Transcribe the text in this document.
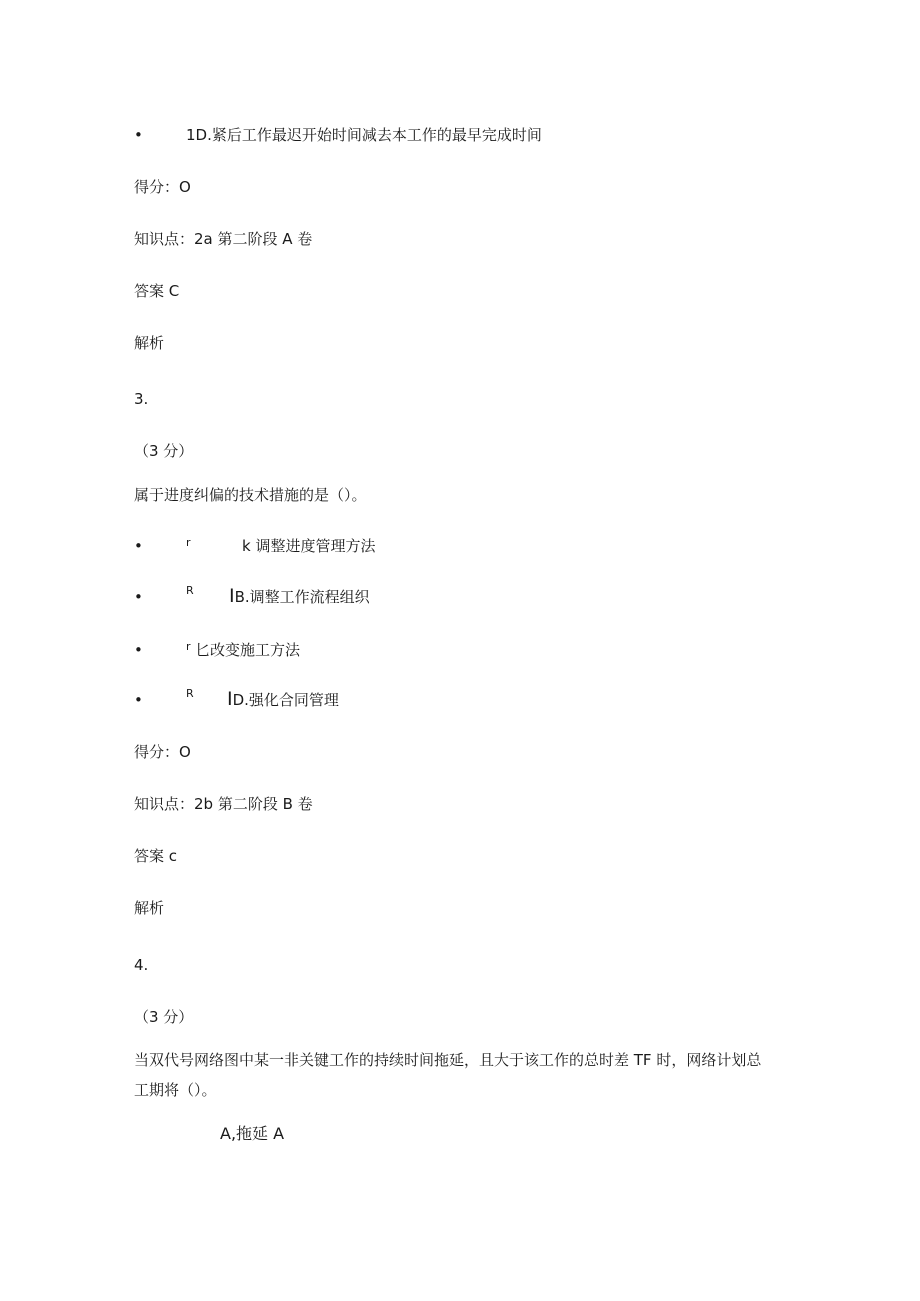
•	1D.紧后工作最迟开始时间减去本工作的最早完成时间
得分：O
知识点：2a 第二阶段 A 卷
答案 C
解析
3.
（3 分）
属于进度纠偏的技术措施的是（）。
•	r	k 调整进度管理方法
•	R IB.调整工作流程组织
•	r 匕改变施工方法
•	R ID.强化合同管理
得分：O
知识点：2b 第二阶段 B 卷
答案 c
解析
4.
（3 分）
当双代号网络图中某一非关键工作的持续时间拖延，且大于该工作的总时差 TF 时，网络计划总
工期将（）。
A,拖延 A
